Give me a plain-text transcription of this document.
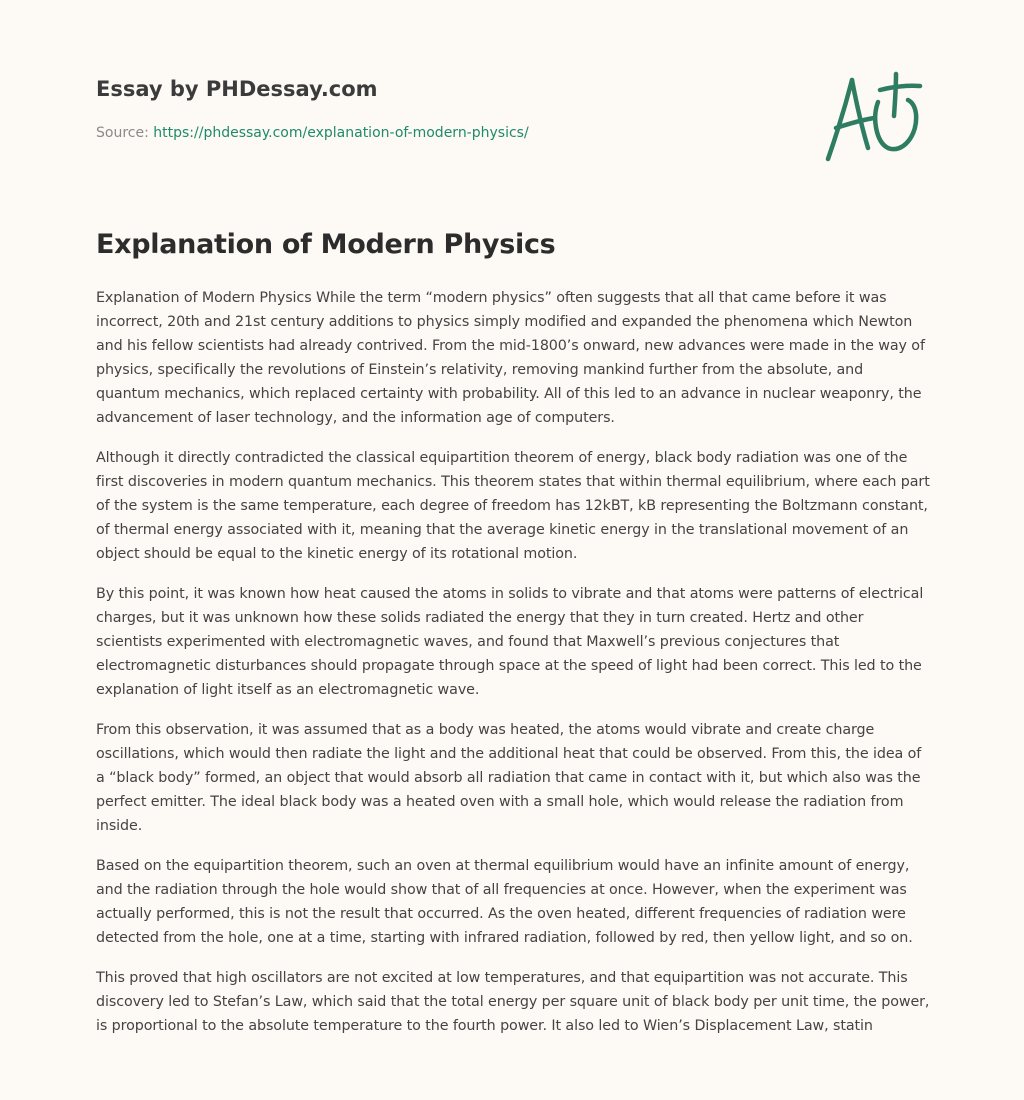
Essay by PHDessay.com
Source: https://phdessay.com/explanation-of-modern-physics/
Explanation of Modern Physics

Explanation of Modern Physics While the term “modern physics” often suggests that all that came before it was incorrect, 20th and 21st century additions to physics simply modified and expanded the phenomena which Newton and his fellow scientists had already contrived. From the mid-1800’s onward, new advances were made in the way of physics, specifically the revolutions of Einstein’s relativity, removing mankind further from the absolute, and quantum mechanics, which replaced certainty with probability. All of this led to an advance in nuclear weaponry, the advancement of laser technology, and the information age of computers.

Although it directly contradicted the classical equipartition theorem of energy, black body radiation was one of the first discoveries in modern quantum mechanics. This theorem states that within thermal equilibrium, where each part of the system is the same temperature, each degree of freedom has 12kBT, kB representing the Boltzmann constant, of thermal energy associated with it, meaning that the average kinetic energy in the translational movement of an object should be equal to the kinetic energy of its rotational motion.

By this point, it was known how heat caused the atoms in solids to vibrate and that atoms were patterns of electrical charges, but it was unknown how these solids radiated the energy that they in turn created. Hertz and other scientists experimented with electromagnetic waves, and found that Maxwell’s previous conjectures that electromagnetic disturbances should propagate through space at the speed of light had been correct. This led to the explanation of light itself as an electromagnetic wave.

From this observation, it was assumed that as a body was heated, the atoms would vibrate and create charge oscillations, which would then radiate the light and the additional heat that could be observed. From this, the idea of a “black body” formed, an object that would absorb all radiation that came in contact with it, but which also was the perfect emitter. The ideal black body was a heated oven with a small hole, which would release the radiation from inside.

Based on the equipartition theorem, such an oven at thermal equilibrium would have an infinite amount of energy, and the radiation through the hole would show that of all frequencies at once. However, when the experiment was actually performed, this is not the result that occurred. As the oven heated, different frequencies of radiation were detected from the hole, one at a time, starting with infrared radiation, followed by red, then yellow light, and so on.

This proved that high oscillators are not excited at low temperatures, and that equipartition was not accurate. This discovery led to Stefan’s Law, which said that the total energy per square unit of black body per unit time, the power, is proportional to the absolute temperature to the fourth power. It also led to Wien’s Displacement Law, statin
